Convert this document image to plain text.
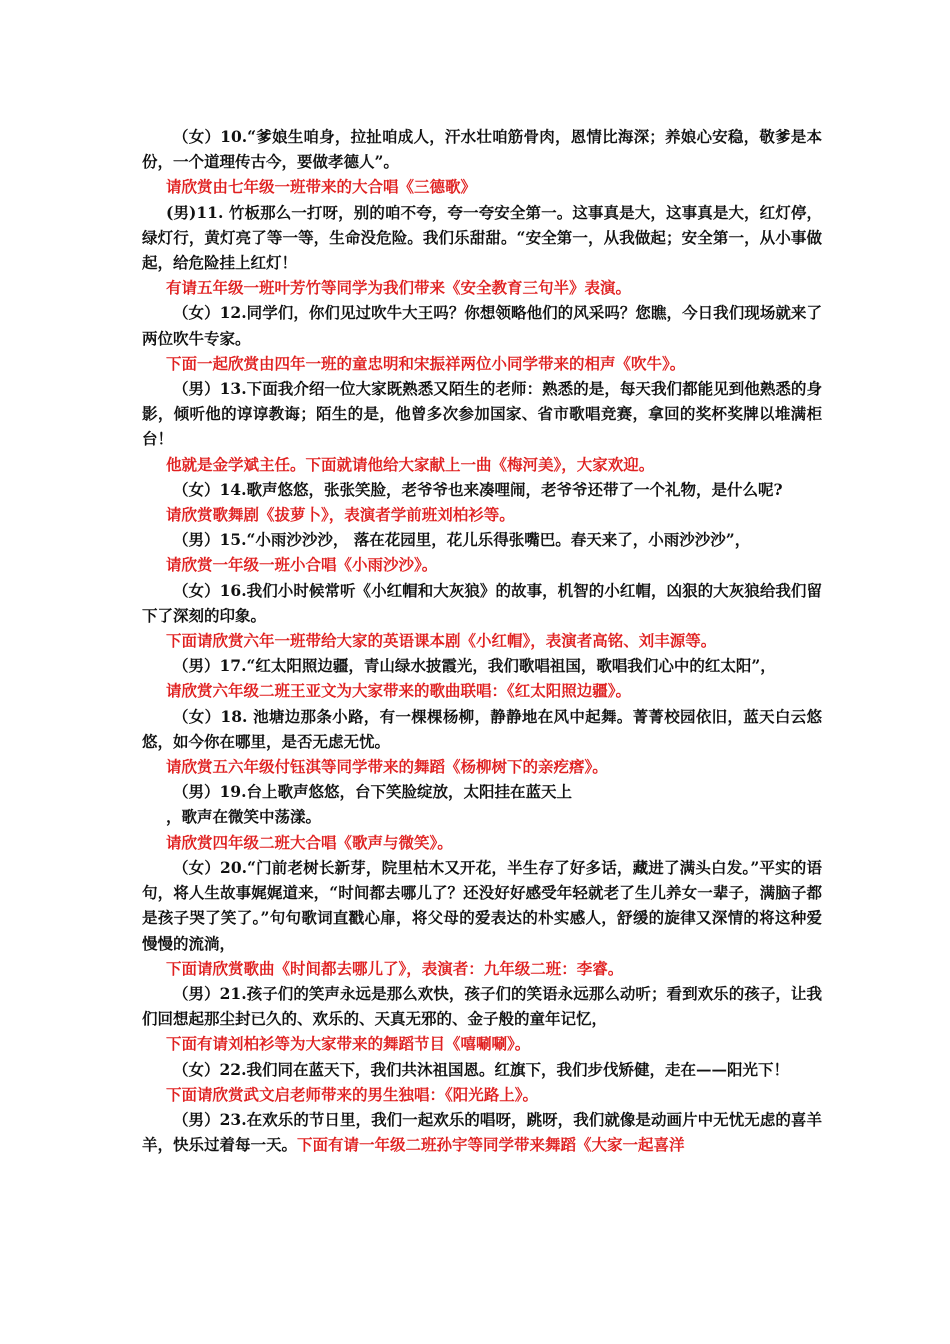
（女）10.“爹娘生咱身，拉扯咱成人，汗水壮咱筋骨肉，恩情比海深；养娘心安稳，敬爹是本份，一个道理传古今，要做孝德人”。

请欣赏由七年级一班带来的大合唱《三德歌》

(男)11. 竹板那么一打呀，别的咱不夸，夸一夸安全第一。这事真是大，这事真是大，红灯停，绿灯行，黄灯亮了等一等，生命没危险。我们乐甜甜。“安全第一，从我做起；安全第一，从小事做起，给危险挂上红灯！

有请五年级一班叶芳竹等同学为我们带来《安全教育三句半》表演。

（女）12.同学们，你们见过吹牛大王吗？你想领略他们的风采吗？您瞧，今日我们现场就来了两位吹牛专家。

下面一起欣赏由四年一班的童忠明和宋振祥两位小同学带来的相声《吹牛》。

（男）13.下面我介绍一位大家既熟悉又陌生的老师：熟悉的是，每天我们都能见到他熟悉的身影，倾听他的谆谆教诲；陌生的是，他曾多次参加国家、省市歌唱竞赛，拿回的奖杯奖牌以堆满柜台！

他就是金学斌主任。下面就请他给大家献上一曲《梅河美》，大家欢迎。

（女）14.歌声悠悠，张张笑脸，老爷爷也来凑哩闹，老爷爷还带了一个礼物，是什么呢?

请欣赏歌舞剧《拔萝卜》，表演者学前班刘柏衫等。

（男）15.“小雨沙沙沙， 落在花园里，花儿乐得张嘴巴。春天来了，小雨沙沙沙”，

请欣赏一年级一班小合唱《小雨沙沙》。

（女）16.我们小时候常听《小红帽和大灰狼》的故事，机智的小红帽，凶狠的大灰狼给我们留下了深刻的印象。

下面请欣赏六年一班带给大家的英语课本剧《小红帽》，表演者高铭、刘丰源等。

（男）17.“红太阳照边疆，青山绿水披霞光，我们歌唱祖国，歌唱我们心中的红太阳”，

请欣赏六年级二班王亚文为大家带来的歌曲联唱：《红太阳照边疆》。

（女）18. 池塘边那条小路，有一棵棵杨柳，静静地在风中起舞。菁菁校园依旧，蓝天白云悠悠，如今你在哪里，是否无虑无忧。

请欣赏五六年级付钰淇等同学带来的舞蹈《杨柳树下的亲疙瘩》。

（男）19.台上歌声悠悠，台下笑脸绽放，太阳挂在蓝天上

，歌声在微笑中荡漾。

请欣赏四年级二班大合唱《歌声与微笑》。

（女）20.“门前老树长新芽，院里枯木又开花，半生存了好多话，藏进了满头白发。”平实的语句，将人生故事娓娓道来，“时间都去哪儿了？还没好好感受年轻就老了生儿养女一辈子，满脑子都是孩子哭了笑了。”句句歌词直戳心扉，将父母的爱表达的朴实感人，舒缓的旋律又深情的将这种爱慢慢的流淌，

下面请欣赏歌曲《时间都去哪儿了》，表演者：九年级二班：李睿。

（男）21.孩子们的笑声永远是那么欢快，孩子们的笑语永远那么动听；看到欢乐的孩子，让我们回想起那尘封已久的、欢乐的、天真无邪的、金子般的童年记忆，

下面有请刘柏衫等为大家带来的舞蹈节目《嘻唰唰》。

（女）22.我们同在蓝天下，我们共沐祖国恩。红旗下，我们步伐矫健，走在——阳光下！

下面请欣赏武文启老师带来的男生独唱：《阳光路上》。

（男）23.在欢乐的节日里，我们一起欢乐的唱呀，跳呀，我们就像是动画片中无忧无虑的喜羊羊，快乐过着每一天。下面有请一年级二班孙宇等同学带来舞蹈《大家一起喜洋
